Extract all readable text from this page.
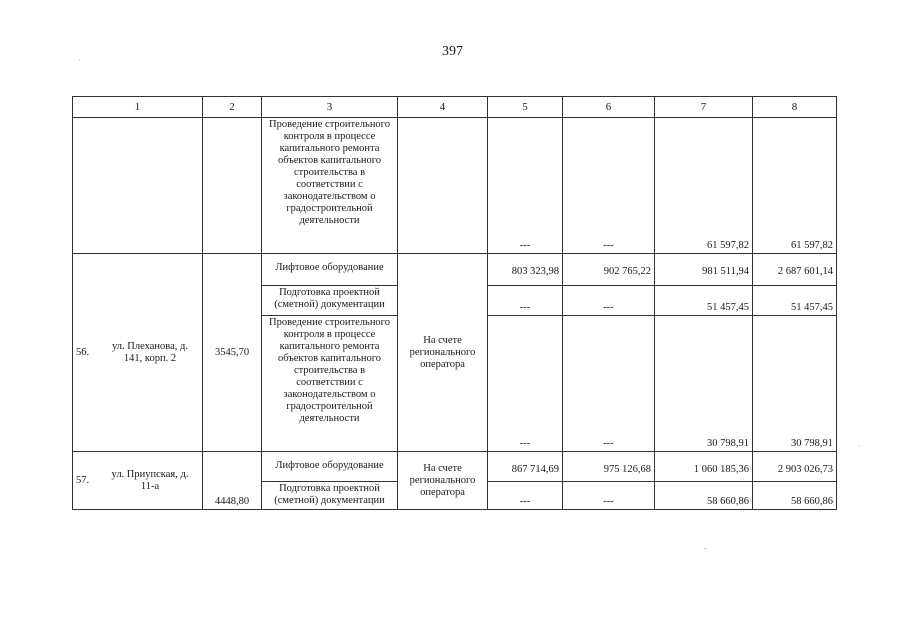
397
1	2	3	4	5	6	7	8
		Проведение строительного контроля в процессе капитального ремонта объектов капитального строительства в соответствии с законодательством о градостроительной деятельности		---	---	61 597,82	61 597,82
56.ул. Плеханова, д. 141, корп. 2	3545,70	Лифтовое оборудование	На счете регионального оператора	803 323,98	902 765,22	981 511,94	2 687 601,14
		Подготовка проектной (сметной) документации		---	---	51 457,45	51 457,45
		Проведение строительного контроля в процессе капитального ремонта объектов капитального строительства в соответствии с законодательством о градостроительной деятельности		---	---	30 798,91	30 798,91
57.ул. Приупская, д. 11-а	4448,80	Лифтовое оборудование	На счете регионального оператора	867 714,69	975 126,68	1 060 185,36	2 903 026,73
		Подготовка проектной (сметной) документации		---	---	58 660,86	58 660,86
·
-
·
